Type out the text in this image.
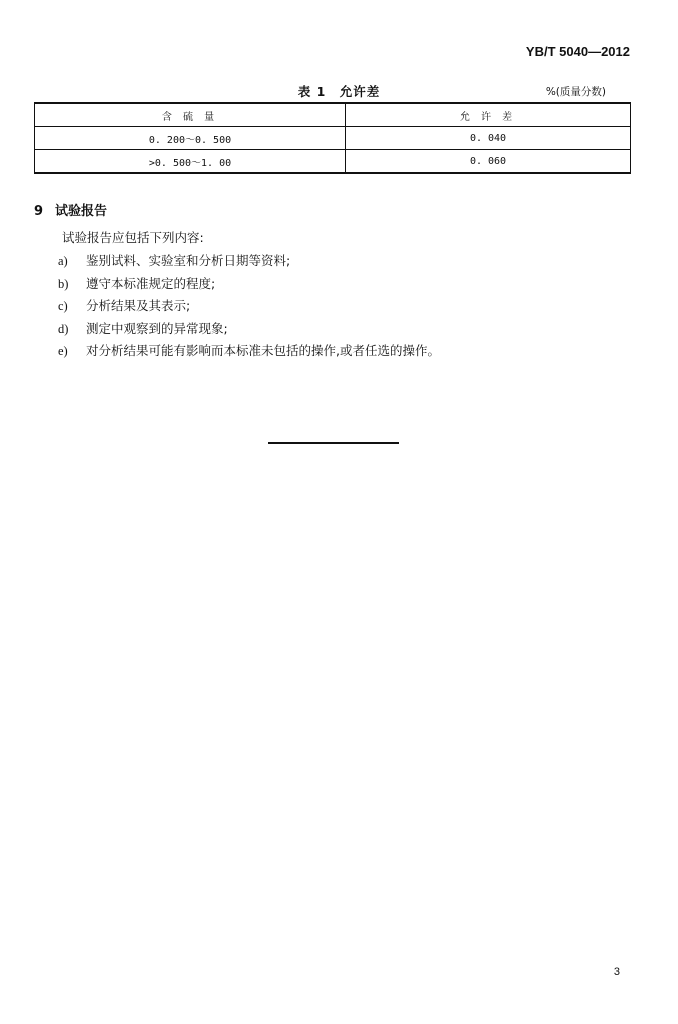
YB/T 5040—2012
表 1　允许差	%(质量分数)
含 硫 量	允 许 差
0. 200～0. 500	0. 040
>0. 500～1. 00	0. 060
9 试验报告
试验报告应包括下列内容:
a) 鉴别试料、实验室和分析日期等资料;
b) 遵守本标准规定的程度;
c) 分析结果及其表示;
d) 测定中观察到的异常现象;
e) 对分析结果可能有影响而本标准未包括的操作,或者任选的操作。
3
